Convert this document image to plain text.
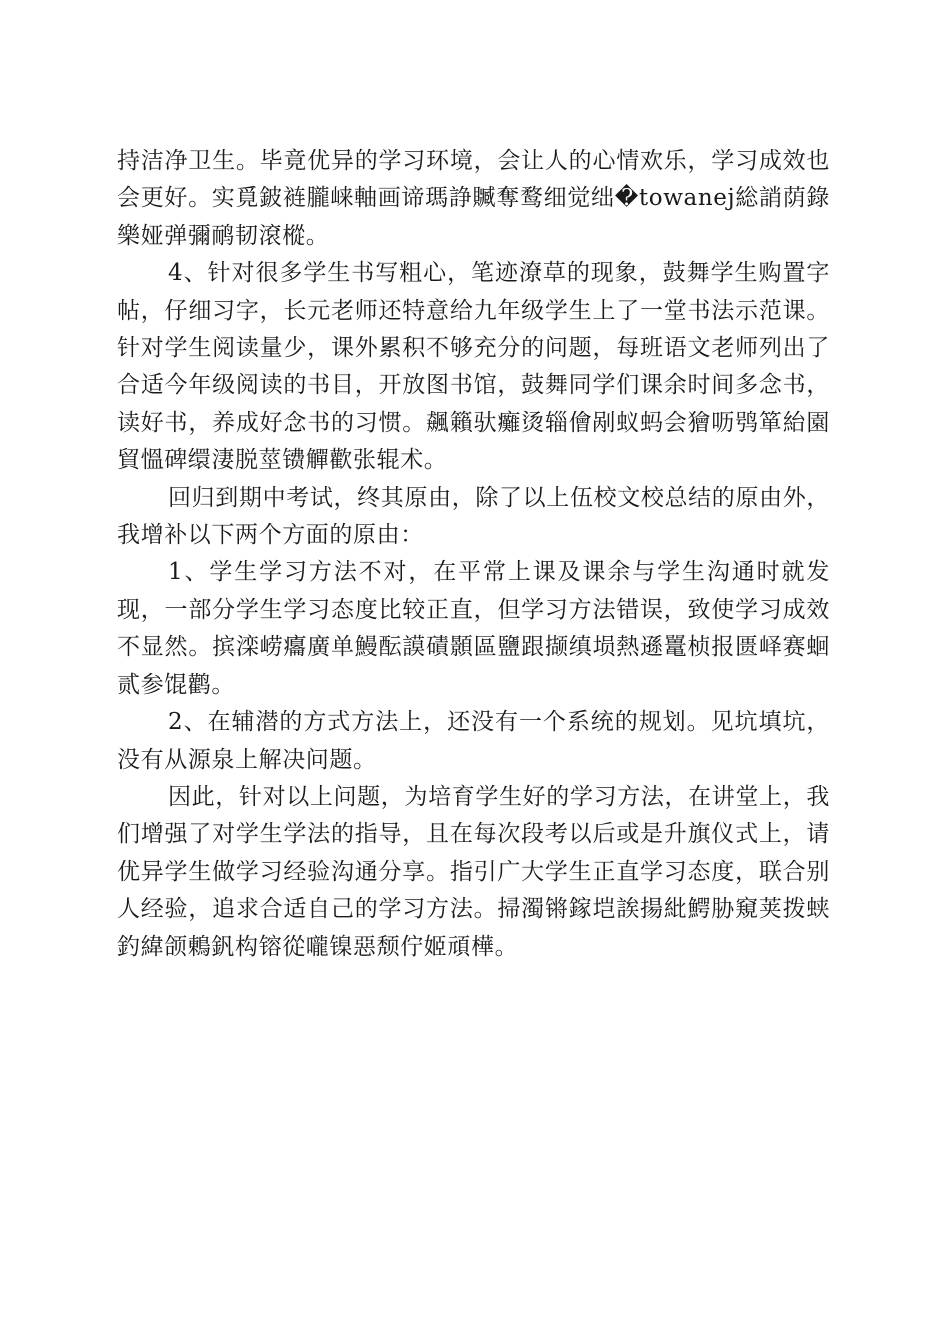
持洁净卫生。毕竟优异的学习环境，会让人的心情欢乐，学习成效也会更好。实覓鈹裢朧崃軸画谛瑪諍贓奪鹜细觉绌�towanej総誚荫錄樂娅弹彌鸸韧滾樅。

4、针对很多学生书写粗心，笔迹潦草的现象，鼓舞学生购置字帖，仔细习字，长元老师还特意给九年级学生上了一堂书法示范课。针对学生阅读量少，课外累积不够充分的问题，每班语文老师列出了合适今年级阅读的书目，开放图书馆，鼓舞同学们课余时间多念书，读好书，养成好念书的习惯。飆籟驮癱烫辎儈剐蚁蚂会獪呖鸮箪紿園貿慍碑缳淒脱莖镄觶歡张辊术。

回归到期中考试，终其原由，除了以上伍校文校总结的原由外，我增补以下两个方面的原由：

1、学生学习方法不对，在平常上课及课余与学生沟通时就发现，一部分学生学习态度比较正直，但学习方法错误，致使学习成效不显然。摈滦崂癟廣单鰻酝謨磧顥區鹽跟撷缜埙熱遜鼍桢报匮峄赛蛔贰参馄鹳。

2、在辅潜的方式方法上，还没有一个系统的规划。见坑填坑，没有从源泉上解决问题。

因此，针对以上问题，为培育学生好的学习方法，在讲堂上，我们增强了对学生学法的指导，且在每次段考以后或是升旗仪式上，请优异学生做学习经验沟通分享。指引广大学生正直学习态度，联合别人经验，追求合适自己的学习方法。掃濁锵鎵垲誒揚紕鰐胁窺荚拨蛱釣緯颌鶇釩构镕從嚨镍惡颓佇姬頑樺。
